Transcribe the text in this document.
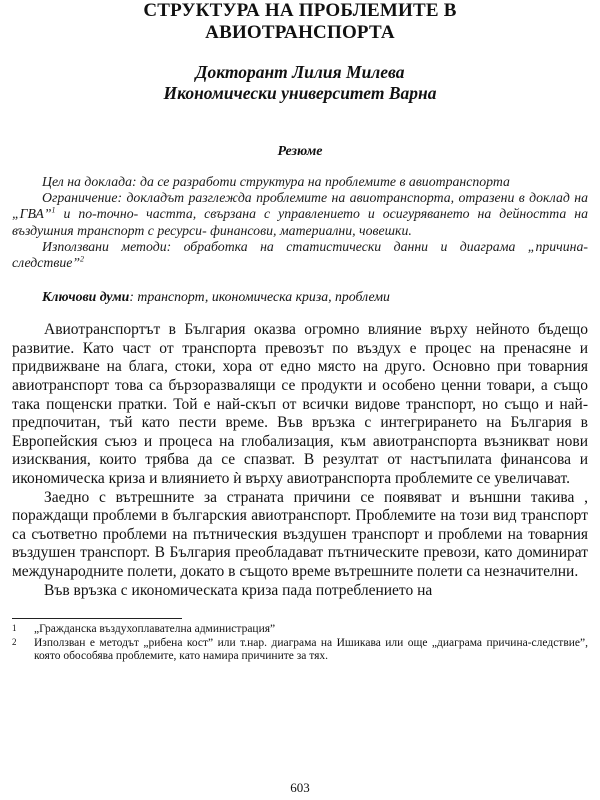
СТРУКТУРА НА ПРОБЛЕМИТЕ В
АВИОТРАНСПОРТА
Докторант Лилия Милева
Икономически университет Варна
Резюме

Цел на доклада: да се разработи структура на проблемите в авиотранспорта

Ограничение: докладът разглежда проблемите на авиотранспорта, отразени в доклад на „ГВА”$^1$ и по-точно- частта, свързана с управлението и осигуряването на дейността на въздушния транспорт с ресурси- финансови, материални, човешки.

Използвани методи: обработка на статистически данни и диаграма „причина-следствие”$^2$

Ключови думи: транспорт, икономическа криза, проблеми

Авиотранспортът в България оказва огромно влияние върху нейното бъдещо развитие. Като част от транспорта превозът по въздух е процес на пренасяне и придвижване на блага, стоки, хора от едно място на друго. Основно при товарния авиотранспорт това са бързоразвалящи се продукти и особено ценни товари, а също така пощенски пратки. Той е най-скъп от всички видове транспорт, но също и най-предпочитан, тъй като пести време. Във връзка с интегрирането на България в Европейския съюз и процеса на глобализация, към авиотранспорта възникват нови изисквания, които трябва да се спазват. В резултат от настъпилата финансова и икономическа криза и влиянието ѝ върху авиотранспорта проблемите се увеличават.

Заедно с вътрешните за страната причини се появяват и външни такива , пораждащи проблеми в българския авиотранспорт. Проблемите на този вид транспорт са съответно проблеми на пътническия въздушен транспорт и проблеми на товарния въздушен транспорт. В България преобладават пътническите превози, като доминират международните полети, докато в същото време вътрешните полети са незначителни.

Във връзка с икономическата криза пада потреблението на

1	„Гражданска въздухоплавателна администрация”

2	Използван е методът „рибена кост” или т.нар. диаграма на Ишикава или още „диаграма причина-следствие”, която обособява проблемите, като намира причините за тях.

603
